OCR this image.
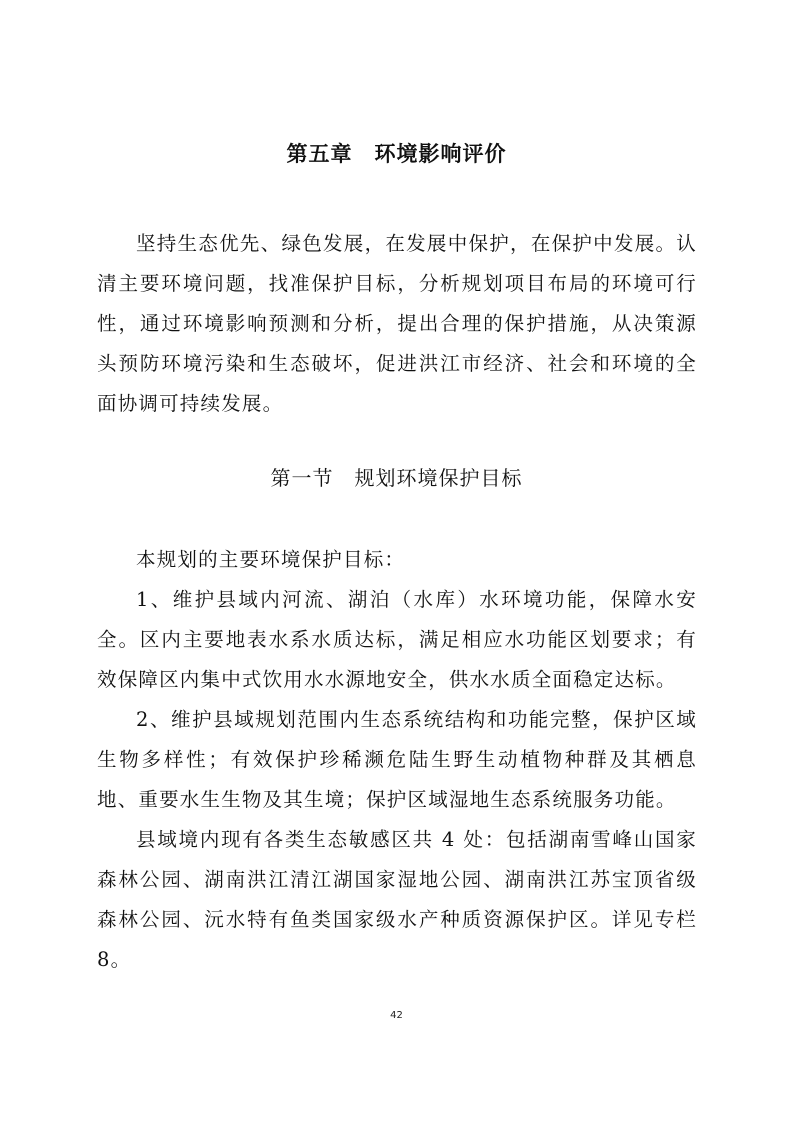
第五章　环境影响评价

坚持生态优先、绿色发展，在发展中保护，在保护中发展。认清主要环境问题，找准保护目标，分析规划项目布局的环境可行性，通过环境影响预测和分析，提出合理的保护措施，从决策源头预防环境污染和生态破坏，促进洪江市经济、社会和环境的全面协调可持续发展。

第一节　规划环境保护目标

本规划的主要环境保护目标：

1、维护县域内河流、湖泊（水库）水环境功能，保障水安全。区内主要地表水系水质达标，满足相应水功能区划要求；有效保障区内集中式饮用水水源地安全，供水水质全面稳定达标。

2、维护县域规划范围内生态系统结构和功能完整，保护区域生物多样性；有效保护珍稀濒危陆生野生动植物种群及其栖息地、重要水生生物及其生境；保护区域湿地生态系统服务功能。

县域境内现有各类生态敏感区共 4 处：包括湖南雪峰山国家森林公园、湖南洪江清江湖国家湿地公园、湖南洪江苏宝顶省级森林公园、沅水特有鱼类国家级水产种质资源保护区。详见专栏 8。

42
